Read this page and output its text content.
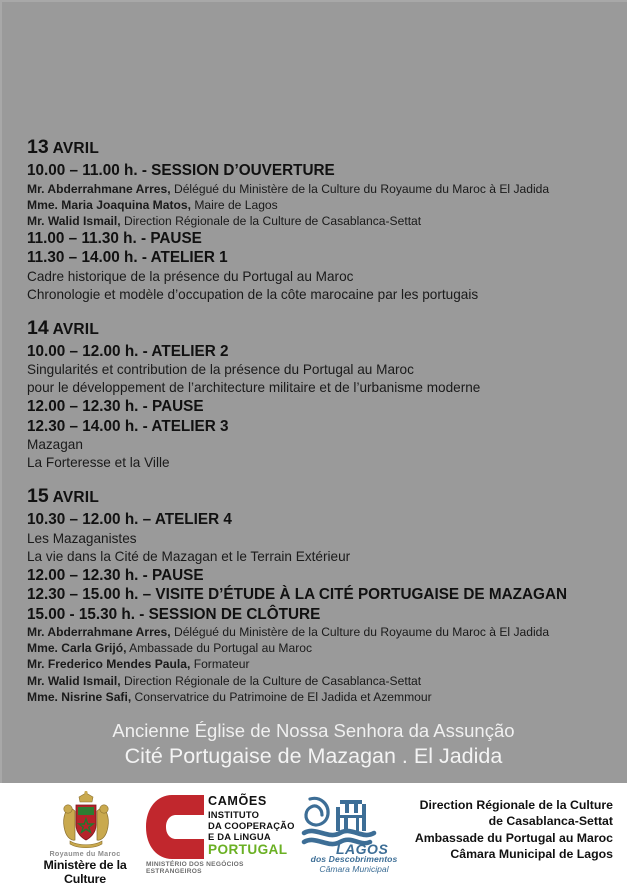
13 AVRIL
10.00 – 11.00 h. - SESSION D’OUVERTURE
Mr. Abderrahmane Arres, Délégué du Ministère de la Culture du Royaume du Maroc à El Jadida
Mme. Maria Joaquina Matos, Maire de Lagos
Mr. Walid Ismail, Direction Régionale de la Culture de Casablanca-Settat
11.00 – 11.30 h. - PAUSE
11.30 – 14.00 h. - ATELIER 1
Cadre historique de la présence du Portugal au Maroc
Chronologie et modèle d’occupation de la côte marocaine par les portugais
14 AVRIL
10.00 – 12.00 h. - ATELIER 2
Singularités et contribution de la présence du Portugal au Maroc
pour le développement de l’architecture militaire et de l’urbanisme moderne
12.00 – 12.30 h. - PAUSE
12.30 – 14.00 h. - ATELIER 3
Mazagan
La Forteresse et la Ville
15 AVRIL
10.30 – 12.00 h. – ATELIER 4
Les Mazaganistes
La vie dans la Cité de Mazagan et le Terrain Extérieur
12.00 – 12.30 h. - PAUSE
12.30 – 15.00 h. – VISITE D’ÉTUDE À LA CITÉ PORTUGAISE DE MAZAGAN
15.00 - 15.30 h. - SESSION DE CLÔTURE
Mr. Abderrahmane Arres, Délégué du Ministère de la Culture du Royaume du Maroc à El Jadida
Mme. Carla Grijó, Ambassade du Portugal au Maroc
Mr. Frederico Mendes Paula, Formateur
Mr. Walid Ismail, Direction Régionale de la Culture de Casablanca-Settat
Mme. Nisrine Safi, Conservatrice du Patrimoine de El Jadida et Azemmour
Ancienne Église de Nossa Senhora da Assunção
Cité Portugaise de Mazagan . El Jadida
Royaume du Maroc
Ministère de la Culture
CAMÕES
INSTITUTO
DA COOPERAÇÃO
E DA LiNGUA
PORTUGAL
MINISTÉRIO DOS NEGÓCIOS ESTRANGEIROS
LAGOS
dos Descobrimentos
Câmara Municipal
Direction Régionale de la Culture
de Casablanca-Settat
Ambassade du Portugal au Maroc
Câmara Municipal de Lagos
